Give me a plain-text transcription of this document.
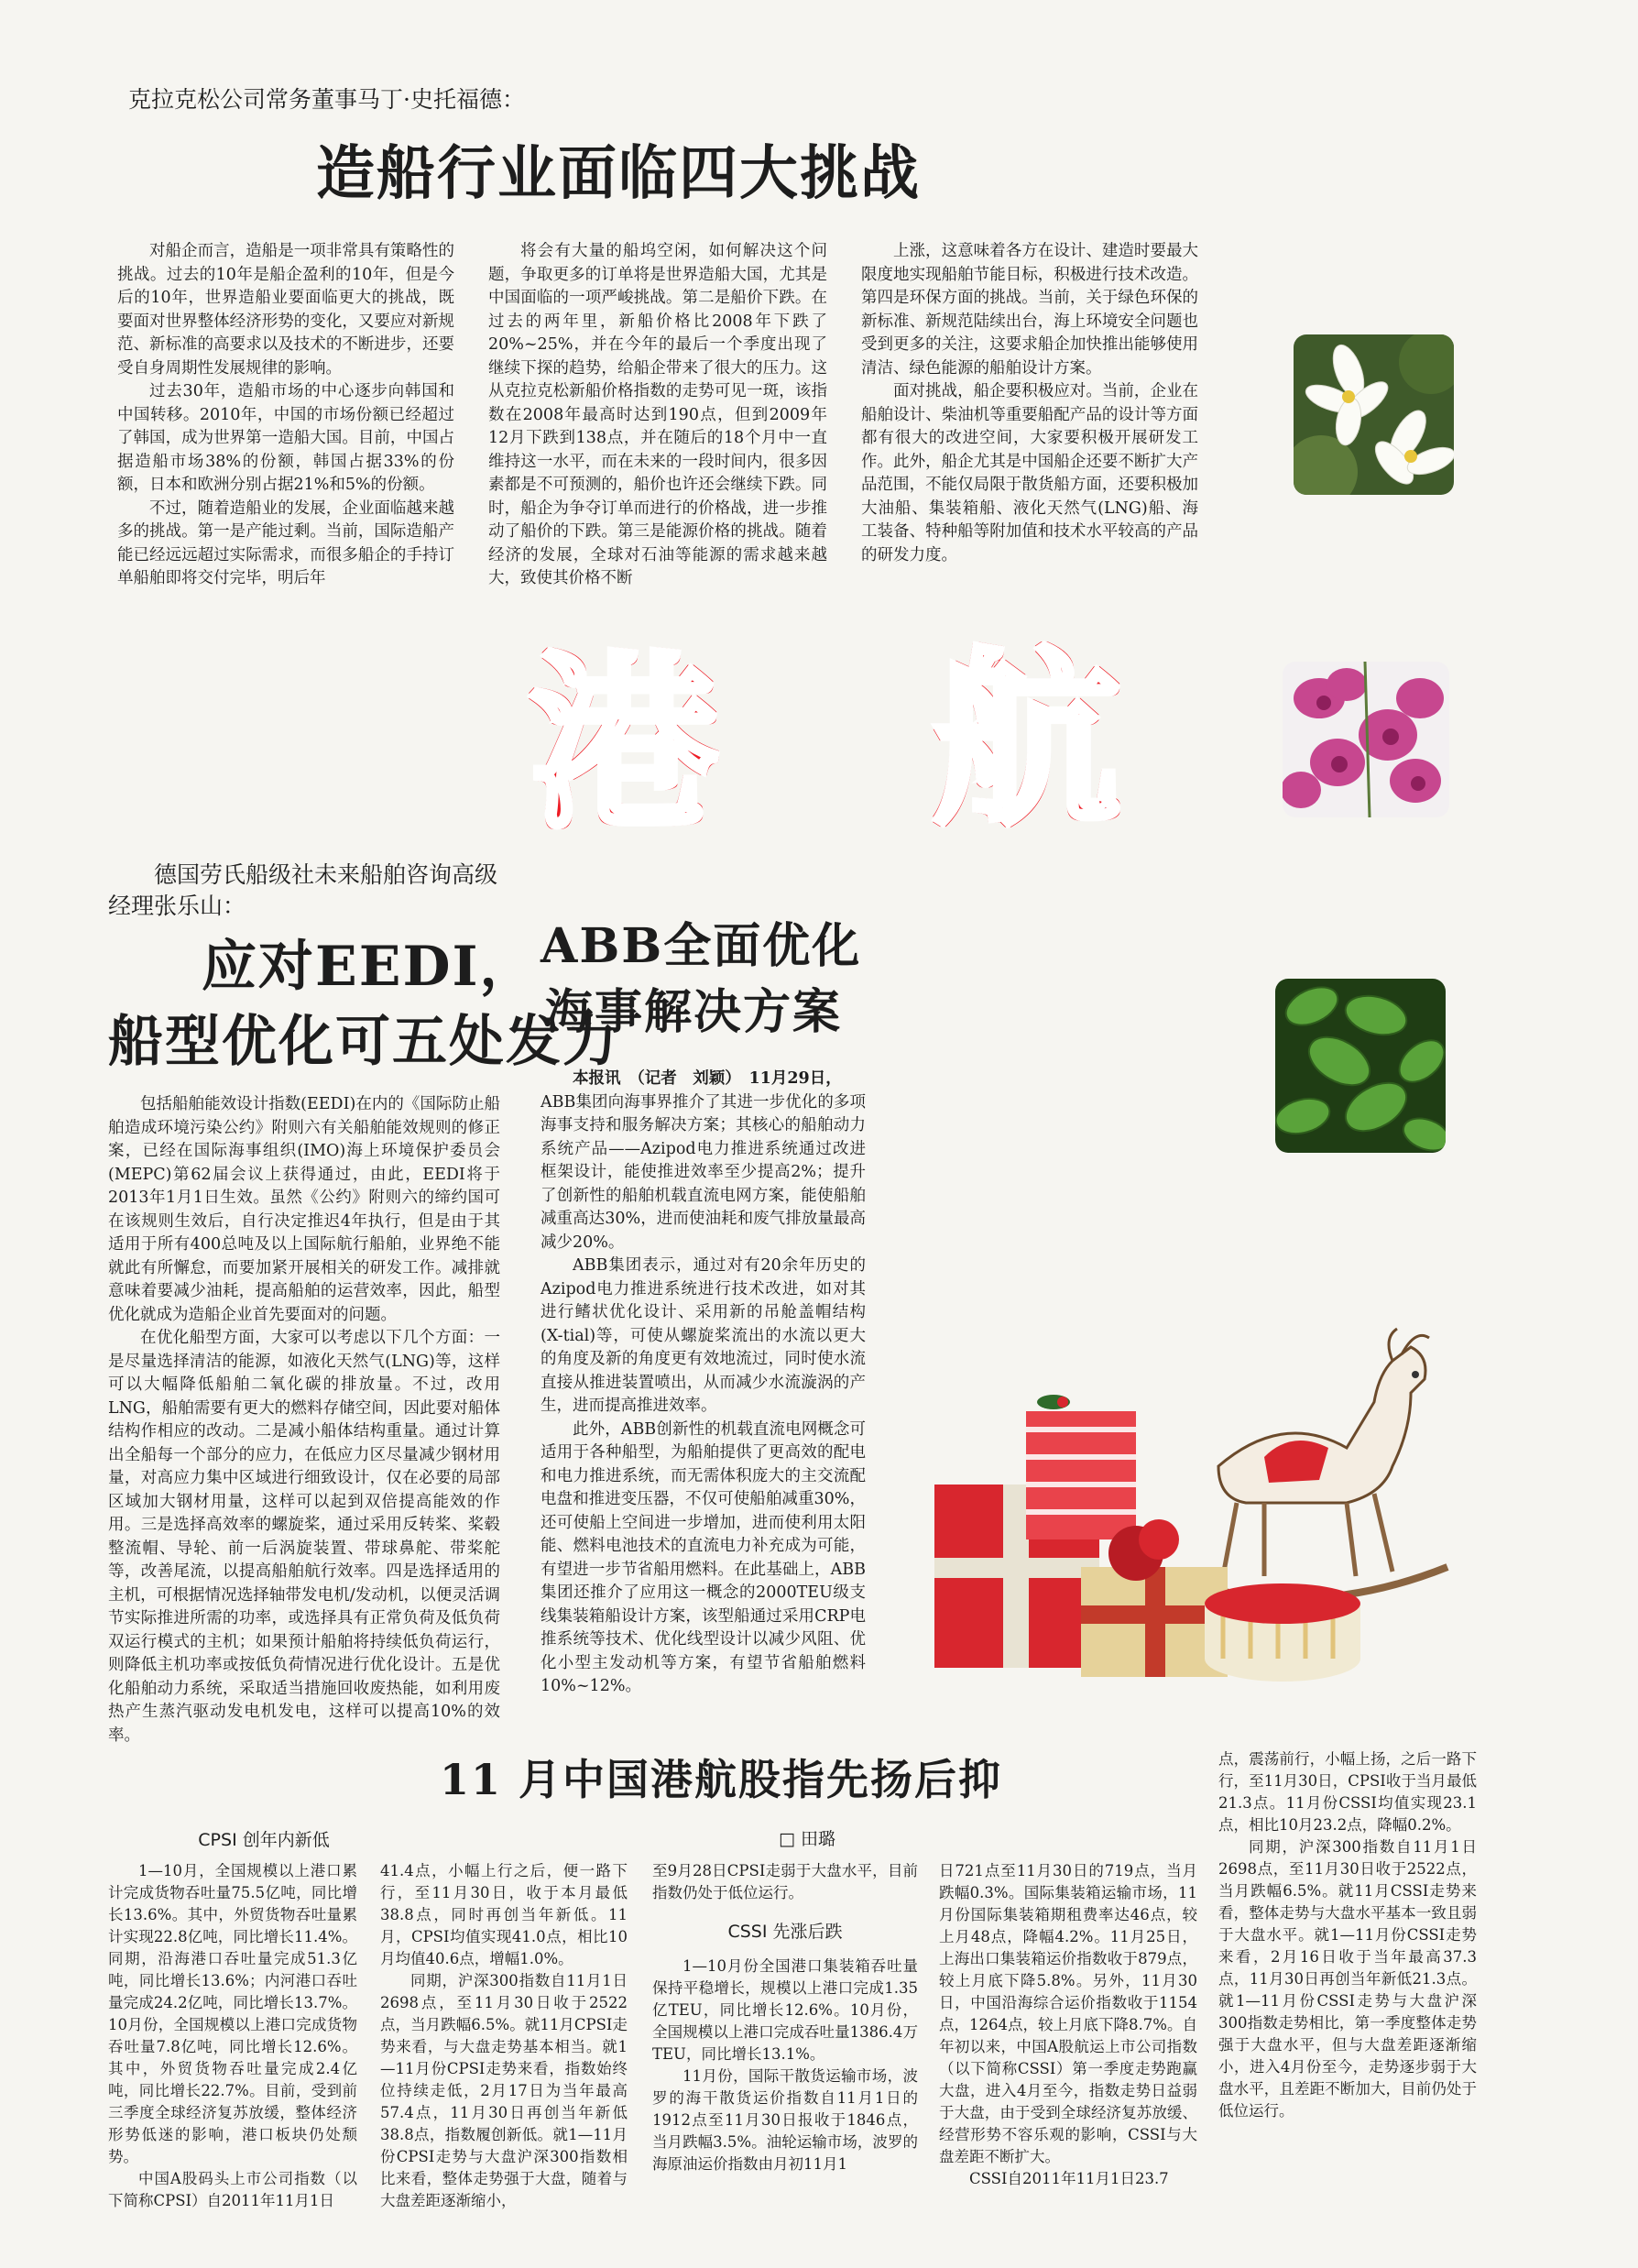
克拉克松公司常务董事马丁·史托福德：
造船行业面临四大挑战

对船企而言，造船是一项非常具有策略性的挑战。过去的10年是船企盈利的10年，但是今后的10年，世界造船业要面临更大的挑战，既要面对世界整体经济形势的变化，又要应对新规范、新标准的高要求以及技术的不断进步，还要受自身周期性发展规律的影响。

过去30年，造船市场的中心逐步向韩国和中国转移。2010年，中国的市场份额已经超过了韩国，成为世界第一造船大国。目前，中国占据造船市场38%的份额，韩国占据33%的份额，日本和欧洲分别占据21%和5%的份额。

不过，随着造船业的发展，企业面临越来越多的挑战。第一是产能过剩。当前，国际造船产能已经远远超过实际需求，而很多船企的手持订单船舶即将交付完毕，明后年

将会有大量的船坞空闲，如何解决这个问题，争取更多的订单将是世界造船大国，尤其是中国面临的一项严峻挑战。第二是船价下跌。在过去的两年里，新船价格比2008年下跌了20%~25%，并在今年的最后一个季度出现了继续下探的趋势，给船企带来了很大的压力。这从克拉克松新船价格指数的走势可见一斑，该指数在2008年最高时达到190点，但到2009年12月下跌到138点，并在随后的18个月中一直维持这一水平，而在未来的一段时间内，很多因素都是不可预测的，船价也许还会继续下跌。同时，船企为争夺订单而进行的价格战，进一步推动了船价的下跌。第三是能源价格的挑战。随着经济的发展，全球对石油等能源的需求越来越大，致使其价格不断

上涨，这意味着各方在设计、建造时要最大限度地实现船舶节能目标，积极进行技术改造。第四是环保方面的挑战。当前，关于绿色环保的新标准、新规范陆续出台，海上环境安全问题也受到更多的关注，这要求船企加快推出能够使用清洁、绿色能源的船舶设计方案。

面对挑战，船企要积极应对。当前，企业在船舶设计、柴油机等重要船配产品的设计等方面都有很大的改进空间，大家要积极开展研发工作。此外，船企尤其是中国船企还要不断扩大产品范围，不能仅局限于散货船方面，还要积极加大油船、集装箱船、液化天然气(LNG)船、海工装备、特种船等附加值和技术水平较高的产品的研发力度。

港 航
德国劳氏船级社未来船舶咨询高级经理张乐山：
应对EEDI，
船型优化可五处发力

包括船舶能效设计指数(EEDI)在内的《国际防止船舶造成环境污染公约》附则六有关船舶能效规则的修正案，已经在国际海事组织(IMO)海上环境保护委员会(MEPC)第62届会议上获得通过，由此，EEDI将于2013年1月1日生效。虽然《公约》附则六的缔约国可在该规则生效后，自行决定推迟4年执行，但是由于其适用于所有400总吨及以上国际航行船舶，业界绝不能就此有所懈怠，而要加紧开展相关的研发工作。减排就意味着要减少油耗，提高船舶的运营效率，因此，船型优化就成为造船企业首先要面对的问题。

在优化船型方面，大家可以考虑以下几个方面：一是尽量选择清洁的能源，如液化天然气(LNG)等，这样可以大幅降低船舶二氧化碳的排放量。不过，改用LNG，船舶需要有更大的燃料存储空间，因此要对船体结构作相应的改动。二是减小船体结构重量。通过计算出全船每一个部分的应力，在低应力区尽量减少钢材用量，对高应力集中区域进行细致设计，仅在必要的局部区域加大钢材用量，这样可以起到双倍提高能效的作用。三是选择高效率的螺旋桨，通过采用反转桨、桨毂整流帽、导轮、前一后涡旋装置、带球鼻舵、带桨舵等，改善尾流，以提高船舶航行效率。四是选择适用的主机，可根据情况选择轴带发电机/发动机，以便灵活调节实际推进所需的功率，或选择具有正常负荷及低负荷双运行模式的主机；如果预计船舶将持续低负荷运行，则降低主机功率或按低负荷情况进行优化设计。五是优化船舶动力系统，采取适当措施回收废热能，如利用废热产生蒸汽驱动发电机发电，这样可以提高10%的效率。

ABB全面优化
海事解决方案

本报讯　（记者　刘颖）　11月29日，

ABB集团向海事界推介了其进一步优化的多项海事支持和服务解决方案；其核心的船舶动力系统产品——Azipod电力推进系统通过改进框架设计，能使推进效率至少提高2%；提升了创新性的船舶机载直流电网方案，能使船舶减重高达30%，进而使油耗和废气排放量最高减少20%。

ABB集团表示，通过对有20余年历史的Azipod电力推进系统进行技术改进，如对其进行鳍状优化设计、采用新的吊舱盖帽结构(X-tial)等，可使从螺旋桨流出的水流以更大的角度及新的角度更有效地流过，同时使水流直接从推进装置喷出，从而减少水流漩涡的产生，进而提高推进效率。

此外，ABB创新性的机载直流电网概念可适用于各种船型，为船舶提供了更高效的配电和电力推进系统，而无需体积庞大的主交流配电盘和推进变压器，不仅可使船舶减重30%，还可使船上空间进一步增加，进而使利用太阳能、燃料电池技术的直流电力补充成为可能，有望进一步节省船用燃料。在此基础上，ABB集团还推介了应用这一概念的2000TEU级支线集装箱船设计方案，该型船通过采用CRP电推系统等技术、优化线型设计以减少风阻、优化小型主发动机等方案，有望节省船舶燃料10%~12%。

11 月中国港航股指先扬后抑
□ 田璐
CPSI 创年内新低

1—10月，全国规模以上港口累计完成货物吞吐量75.5亿吨，同比增长13.6%。其中，外贸货物吞吐量累计实现22.8亿吨，同比增长11.4%。同期，沿海港口吞吐量完成51.3亿吨，同比增长13.6%；内河港口吞吐量完成24.2亿吨，同比增长13.7%。10月份，全国规模以上港口完成货物吞吐量7.8亿吨，同比增长12.6%。其中，外贸货物吞吐量完成2.4亿吨，同比增长22.7%。目前，受到前三季度全球经济复苏放缓，整体经济形势低迷的影响，港口板块仍处颓势。

中国A股码头上市公司指数（以下简称CPSI）自2011年11月1日

41.4点，小幅上行之后，便一路下行，至11月30日，收于本月最低38.8点，同时再创当年新低。11月，CPSI均值实现41.0点，相比10月均值40.6点，增幅1.0%。

同期，沪深300指数自11月1日2698点，至11月30日收于2522点，当月跌幅6.5%。就11月CPSI走势来看，与大盘走势基本相当。就1—11月份CPSI走势来看，指数始终位持续走低，2月17日为当年最高57.4点，11月30日再创当年新低38.8点，指数履创新低。就1—11月份CPSI走势与大盘沪深300指数相比来看，整体走势强于大盘，随着与大盘差距逐渐缩小，

至9月28日CPSI走弱于大盘水平，目前指数仍处于低位运行。

CSSI 先涨后跌

1—10月份全国港口集装箱吞吐量保持平稳增长，规模以上港口完成1.35亿TEU，同比增长12.6%。10月份，全国规模以上港口完成吞吐量1386.4万TEU，同比增长13.1%。

11月份，国际干散货运输市场，波罗的海干散货运价指数自11月1日的1912点至11月30日报收于1846点，当月跌幅3.5%。油轮运输市场，波罗的海原油运价指数由月初11月1

日721点至11月30日的719点，当月跌幅0.3%。国际集装箱运输市场，11月份国际集装箱期租费率达46点，较上月48点，降幅4.2%。11月25日，上海出口集装箱运价指数收于879点，较上月底下降5.8%。另外，11月30日，中国沿海综合运价指数收于1154点，1264点，较上月底下降8.7%。自年初以来，中国A股航运上市公司指数（以下简称CSSI）第一季度走势跑赢大盘，进入4月至今，指数走势日益弱于大盘，由于受到全球经济复苏放缓、经营形势不容乐观的影响，CSSI与大盘差距不断扩大。

CSSI自2011年11月1日23.7

点，震荡前行，小幅上扬，之后一路下行，至11月30日，CPSI收于当月最低21.3点。11月份CSSI均值实现23.1点，相比10月23.2点，降幅0.2%。

同期，沪深300指数自11月1日2698点，至11月30日收于2522点，当月跌幅6.5%。就11月CSSI走势来看，整体走势与大盘水平基本一致且弱于大盘水平。就1—11月份CSSI走势来看，2月16日收于当年最高37.3点，11月30日再创当年新低21.3点。就1—11月份CSSI走势与大盘沪深300指数走势相比，第一季度整体走势强于大盘水平，但与大盘差距逐渐缩小，进入4月份至今，走势逐步弱于大盘水平，且差距不断加大，目前仍处于低位运行。
